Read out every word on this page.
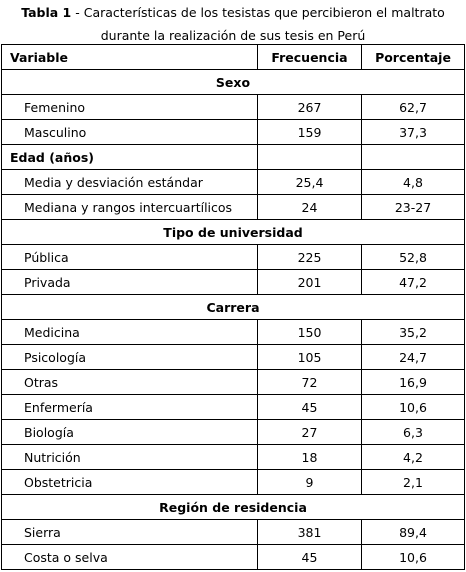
Tabla 1 - Características de los tesistas que percibieron el maltrato
durante la realización de sus tesis en Perú
Variable	Frecuencia	Porcentaje
Sexo		
Femenino	267	62,7
Masculino	159	37,3
Edad (años)		
Media y desviación estándar	25,4	4,8
Mediana y rangos intercuartílicos	24	23-27
Tipo de universidad		
Pública	225	52,8
Privada	201	47,2
Carrera		
Medicina	150	35,2
Psicología	105	24,7
Otras	72	16,9
Enfermería	45	10,6
Biología	27	6,3
Nutrición	18	4,2
Obstetricia	9	2,1
Región de residencia		
Sierra	381	89,4
Costa o selva	45	10,6
